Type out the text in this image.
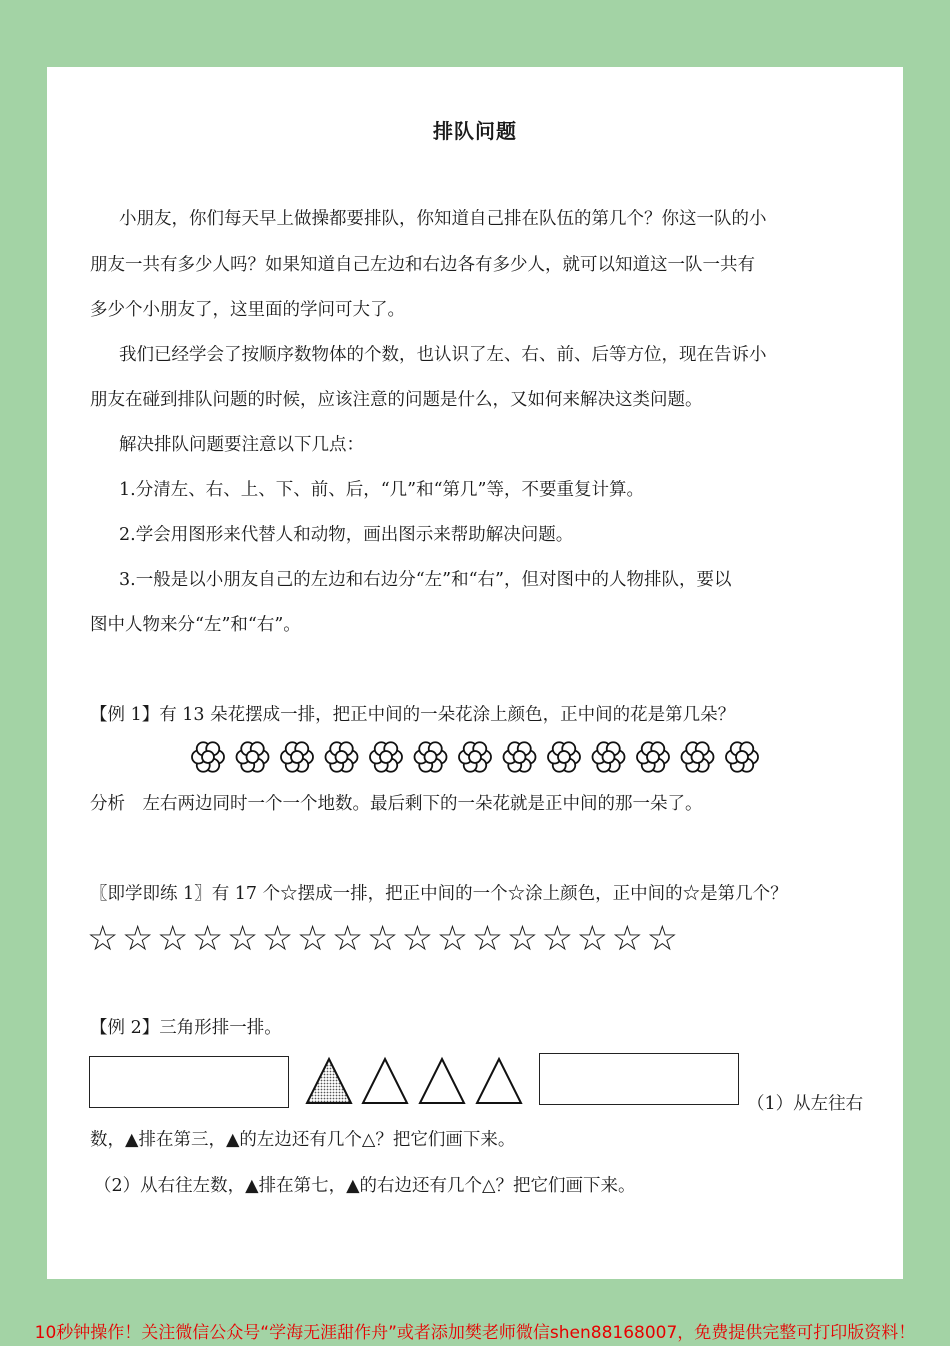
排队问题
小朋友，你们每天早上做操都要排队，你知道自己排在队伍的第几个？你这一队的小
朋友一共有多少人吗？如果知道自己左边和右边各有多少人，就可以知道这一队一共有
多少个小朋友了，这里面的学问可大了。
我们已经学会了按顺序数物体的个数，也认识了左、右、前、后等方位，现在告诉小
朋友在碰到排队问题的时候，应该注意的问题是什么，又如何来解决这类问题。
解决排队问题要注意以下几点：
1.分清左、右、上、下、前、后，“几”和“第几”等，不要重复计算。
2.学会用图形来代替人和动物，画出图示来帮助解决问题。
3.一般是以小朋友自己的左边和右边分“左”和“右”，但对图中的人物排队，要以
图中人物来分“左”和“右”。
【例 1】有 13 朵花摆成一排，把正中间的一朵花涂上颜色，正中间的花是第几朵？
分析　左右两边同时一个一个地数。最后剩下的一朵花就是正中间的那一朵了。
〖即学即练 1〗有 17 个☆摆成一排，把正中间的一个☆涂上颜色，正中间的☆是第几个？
☆☆☆☆☆☆☆☆☆☆☆☆☆☆☆☆☆
【例 2】三角形排一排。
（1）从左往右
数，▲排在第三，▲的左边还有几个△？把它们画下来。
（2）从右往左数，▲排在第七，▲的右边还有几个△？把它们画下来。
10秒钟操作！关注微信公众号“学海无涯甜作舟”或者添加樊老师微信shen88168007，免费提供完整可打印版资料！
